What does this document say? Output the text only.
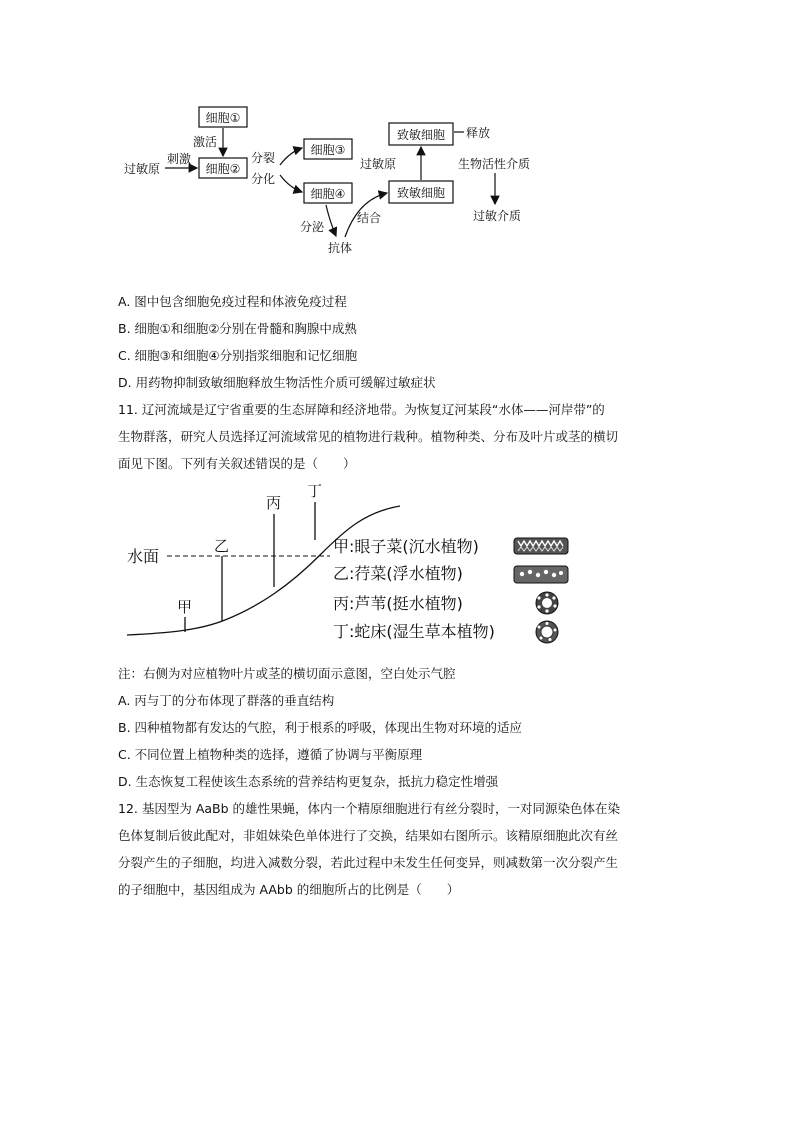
细胞①
细胞②
细胞③
细胞④
致敏细胞
致敏细胞
过敏原
刺激
激活
分裂
分化
分泌
抗体
结合
过敏原
释放
生物活性介质
过敏介质
A. 图中包含细胞免疫过程和体液免疫过程
B. 细胞①和细胞②分别在骨髓和胸腺中成熟
C. 细胞③和细胞④分别指浆细胞和记忆细胞
D. 用药物抑制致敏细胞释放生物活性介质可缓解过敏症状
11. 辽河流域是辽宁省重要的生态屏障和经济地带。为恢复辽河某段“水体——河岸带”的
生物群落，研究人员选择辽河流域常见的植物进行栽种。植物种类、分布及叶片或茎的横切
面见下图。下列有关叙述错误的是（　　）
水面
甲
乙
丙
丁
甲:眼子菜(沉水植物)
乙:荇菜(浮水植物)
丙:芦苇(挺水植物)
丁:蛇床(湿生草本植物)
注：右侧为对应植物叶片或茎的横切面示意图，空白处示气腔
A. 丙与丁的分布体现了群落的垂直结构
B. 四种植物都有发达的气腔，利于根系的呼吸，体现出生物对环境的适应
C. 不同位置上植物种类的选择，遵循了协调与平衡原理
D. 生态恢复工程使该生态系统的营养结构更复杂，抵抗力稳定性增强
12. 基因型为 AaBb 的雄性果蝇，体内一个精原细胞进行有丝分裂时，一对同源染色体在染
色体复制后彼此配对，非姐妹染色单体进行了交换，结果如右图所示。该精原细胞此次有丝
分裂产生的子细胞，均进入减数分裂，若此过程中未发生任何变异，则减数第一次分裂产生
的子细胞中，基因组成为 AAbb 的细胞所占的比例是（　　）
